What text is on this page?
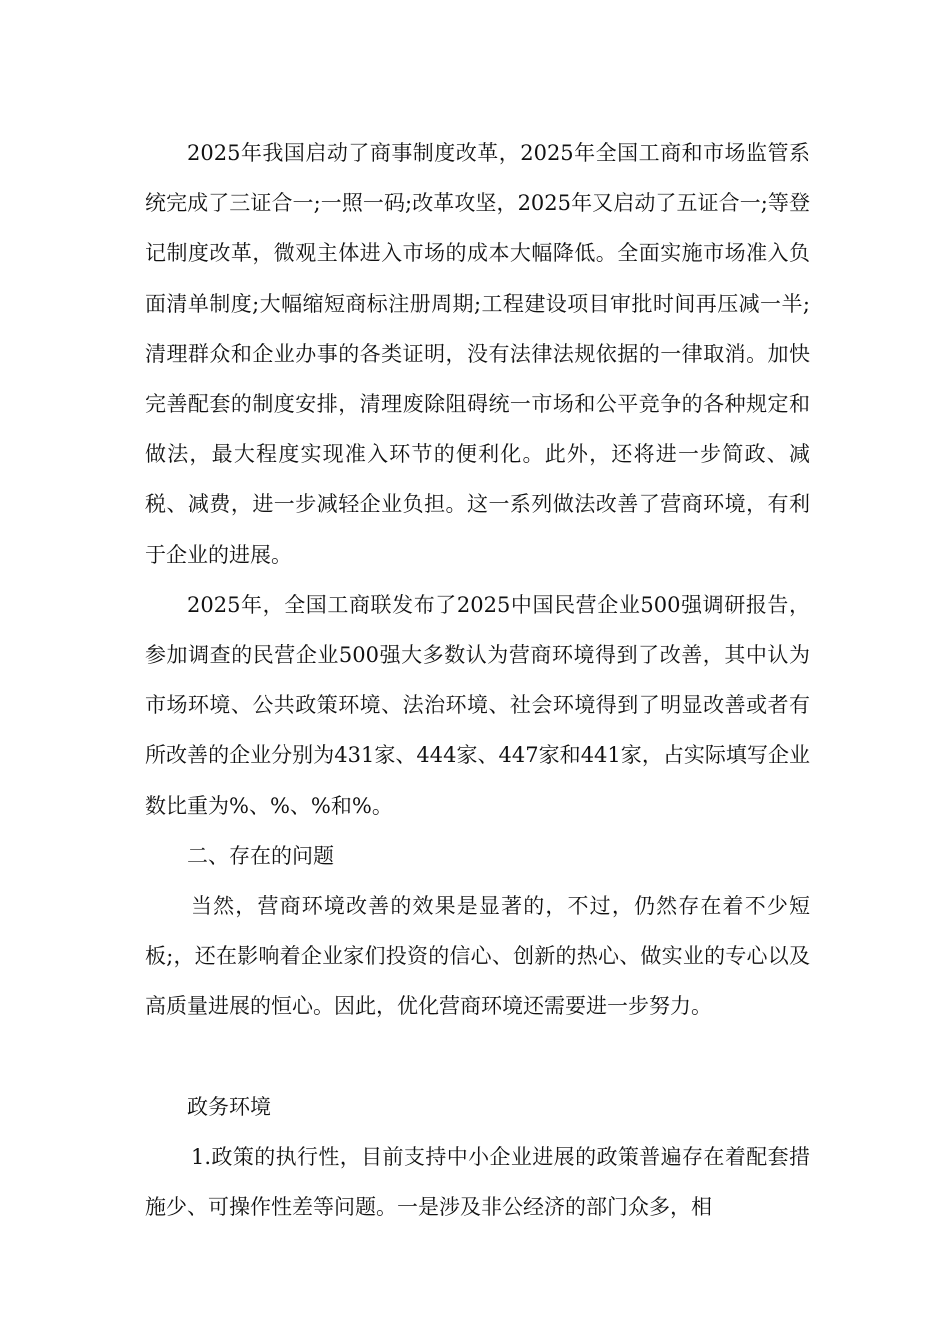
2025年我国启动了商事制度改革，2025年全国工商和市场监管系统完成了三证合一;一照一码;改革攻坚，2025年又启动了五证合一;等登记制度改革，微观主体进入市场的成本大幅降低。全面实施市场准入负面清单制度;大幅缩短商标注册周期;工程建设项目审批时间再压减一半;清理群众和企业办事的各类证明，没有法律法规依据的一律取消。加快完善配套的制度安排，清理废除阻碍统一市场和公平竞争的各种规定和做法，最大程度实现准入环节的便利化。此外，还将进一步简政、减税、减费，进一步减轻企业负担。这一系列做法改善了营商环境，有利于企业的进展。

2025年，全国工商联发布了2025中国民营企业500强调研报告，参加调查的民营企业500强大多数认为营商环境得到了改善，其中认为市场环境、公共政策环境、法治环境、社会环境得到了明显改善或者有所改善的企业分别为431家、444家、447家和441家，占实际填写企业数比重为%、%、%和%。

二、存在的问题

当然，营商环境改善的效果是显著的，不过，仍然存在着不少短板;，还在影响着企业家们投资的信心、创新的热心、做实业的专心以及高质量进展的恒心。因此，优化营商环境还需要进一步努力。

政务环境

1.政策的执行性，目前支持中小企业进展的政策普遍存在着配套措施少、可操作性差等问题。一是涉及非公经济的部门众多，相
